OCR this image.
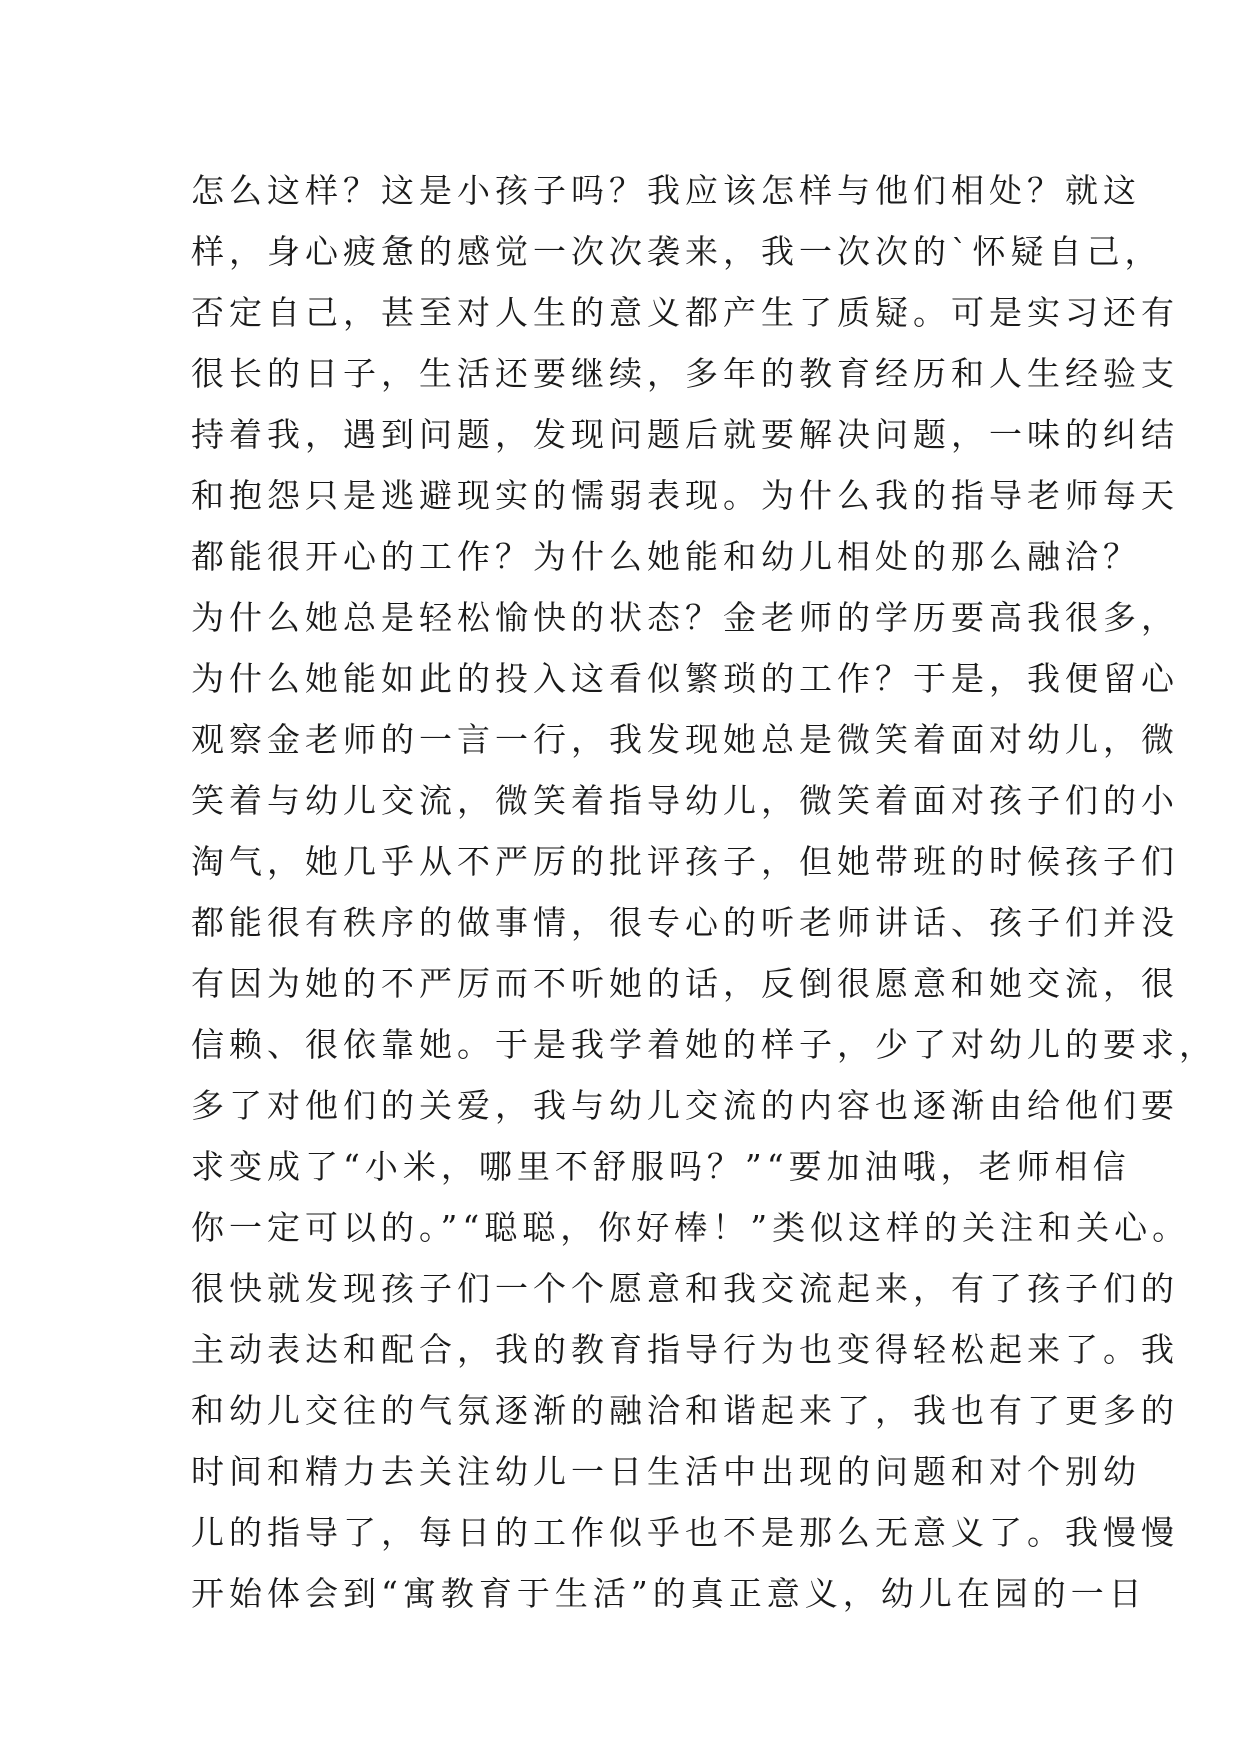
怎么这样？这是小孩子吗？我应该怎样与他们相处？就这
样，身心疲惫的感觉一次次袭来，我一次次的`怀疑自己，
否定自己，甚至对人生的意义都产生了质疑。可是实习还有
很长的日子，生活还要继续，多年的教育经历和人生经验支
持着我，遇到问题，发现问题后就要解决问题，一味的纠结
和抱怨只是逃避现实的懦弱表现。为什么我的指导老师每天
都能很开心的工作？为什么她能和幼儿相处的那么融洽？
为什么她总是轻松愉快的状态？金老师的学历要高我很多，
为什么她能如此的投入这看似繁琐的工作？于是，我便留心
观察金老师的一言一行，我发现她总是微笑着面对幼儿，微
笑着与幼儿交流，微笑着指导幼儿，微笑着面对孩子们的小
淘气，她几乎从不严厉的批评孩子，但她带班的时候孩子们
都能很有秩序的做事情，很专心的听老师讲话、孩子们并没
有因为她的不严厉而不听她的话，反倒很愿意和她交流，很
信赖、很依靠她。于是我学着她的样子，少了对幼儿的要求，
多了对他们的关爱，我与幼儿交流的内容也逐渐由给他们要
求变成了“小米，哪里不舒服吗？”“要加油哦，老师相信
你一定可以的。”“聪聪，你好棒！”类似这样的关注和关心。
很快就发现孩子们一个个愿意和我交流起来，有了孩子们的
主动表达和配合，我的教育指导行为也变得轻松起来了。我
和幼儿交往的气氛逐渐的融洽和谐起来了，我也有了更多的
时间和精力去关注幼儿一日生活中出现的问题和对个别幼
儿的指导了，每日的工作似乎也不是那么无意义了。我慢慢
开始体会到“寓教育于生活”的真正意义，幼儿在园的一日
